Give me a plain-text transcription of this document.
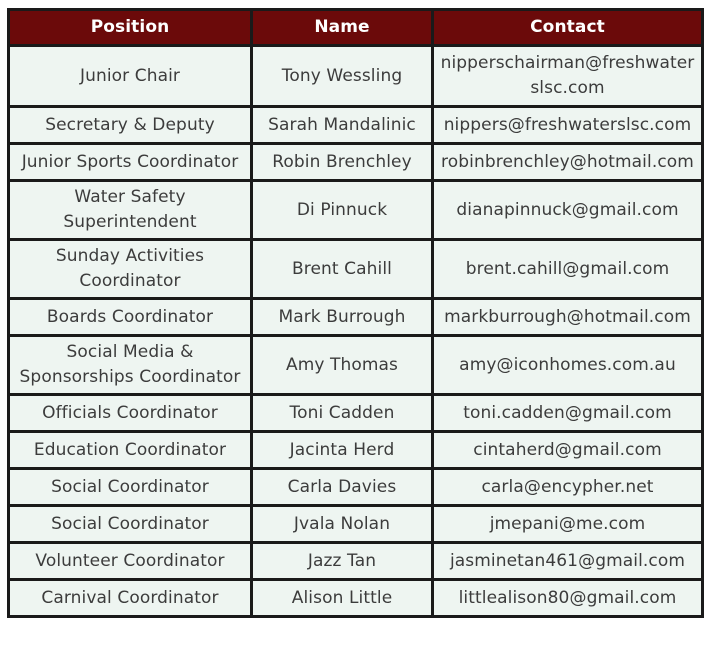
Position	Name	Contact
Junior Chair	Tony Wessling	nipperschairman@freshwaterslsc.com
Secretary & Deputy	Sarah Mandalinic	nippers@freshwaterslsc.com
Junior Sports Coordinator	Robin Brenchley	robinbrenchley@hotmail.com
Water Safety Superintendent	Di Pinnuck	dianapinnuck@gmail.com
Sunday Activities Coordinator	Brent Cahill	brent.cahill@gmail.com
Boards Coordinator	Mark Burrough	markburrough@hotmail.com
Social Media & Sponsorships Coordinator	Amy Thomas	amy@iconhomes.com.au
Officials Coordinator	Toni Cadden	toni.cadden@gmail.com
Education Coordinator	Jacinta Herd	cintaherd@gmail.com
Social Coordinator	Carla Davies	carla@encypher.net
Social Coordinator	Jvala Nolan	jmepani@me.com
Volunteer Coordinator	Jazz Tan	jasminetan461@gmail.com
Carnival Coordinator	Alison Little	littlealison80@gmail.com
